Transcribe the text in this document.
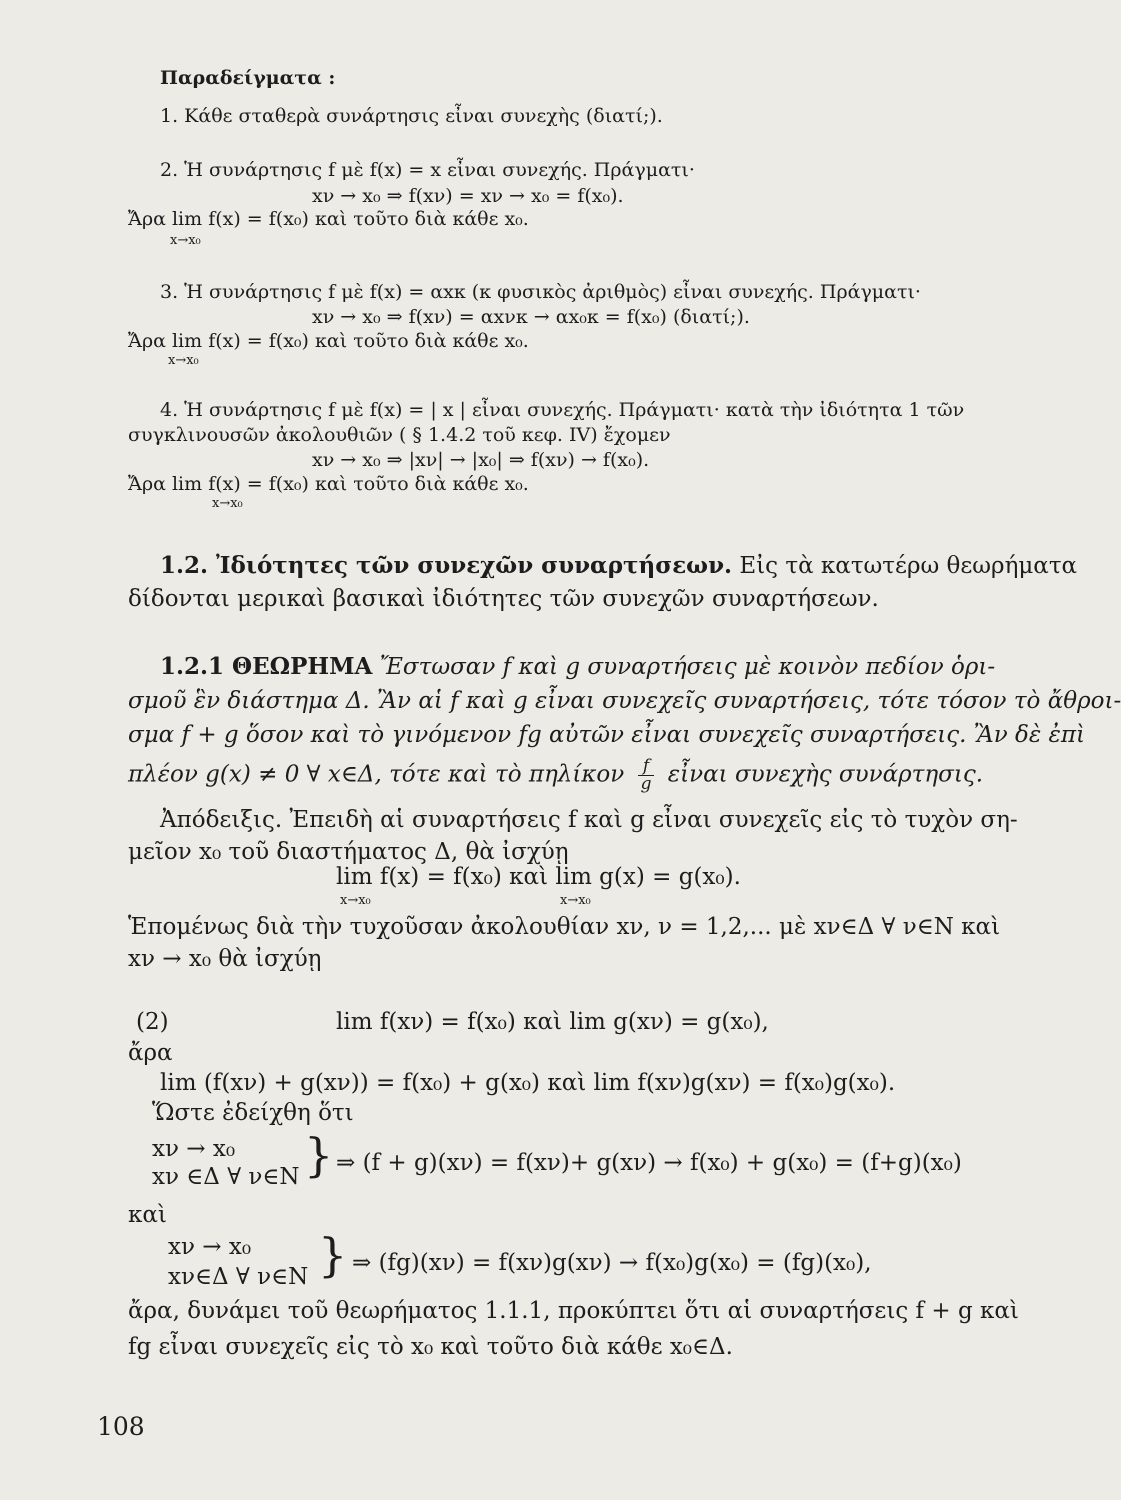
Παραδείγματα :
1. Κάθε σταθερὰ συνάρτησις εἶναι συνεχὴς (διατί;).
2. Ἡ συνάρτησις f μὲ f(x) = x εἶναι συνεχής. Πράγματι·
xν → x₀ ⇒ f(xν) = xν → x₀ = f(x₀).
Ἄρα lim f(x) = f(x₀) καὶ τοῦτο διὰ κάθε x₀.
x→x₀
3. Ἡ συνάρτησις f μὲ f(x) = αxκ (κ φυσικὸς ἀριθμὸς) εἶναι συνεχής. Πράγματι·
xν → x₀ ⇒ f(xν) = αxνκ → αx₀κ = f(x₀) (διατί;).
Ἄρα lim f(x) = f(x₀) καὶ τοῦτο διὰ κάθε x₀.
x→x₀
4. Ἡ συνάρτησις f μὲ f(x) = | x | εἶναι συνεχής. Πράγματι· κατὰ τὴν ἰδιότητα 1 τῶν
συγκλινουσῶν ἀκολουθιῶν ( § 1.4.2 τοῦ κεφ. IV) ἔχομεν
xν → x₀ ⇒ |xν| → |x₀| ⇒ f(xν) → f(x₀).
Ἄρα lim f(x) = f(x₀) καὶ τοῦτο διὰ κάθε x₀.
x→x₀
1.2. Ἰδιότητες τῶν συνεχῶν συναρτήσεων. Εἰς τὰ κατωτέρω θεωρήματα
δίδονται μερικαὶ βασικαὶ ἰδιότητες τῶν συνεχῶν συναρτήσεων.
1.2.1 ΘΕΩΡΗΜΑ Ἔστωσαν f καὶ g συναρτήσεις μὲ κοινὸν πεδίον ὁρι-
σμοῦ ἓν διάστημα Δ. Ἂν αἱ f καὶ g εἶναι συνεχεῖς συναρτήσεις, τότε τόσον τὸ ἄθροι-
σμα f + g ὅσον καὶ τὸ γινόμενον fg αὐτῶν εἶναι συνεχεῖς συναρτήσεις. Ἂν δὲ ἐπὶ
πλέον g(x) ≠ 0 ∀ x∈Δ, τότε καὶ τὸ πηλίκον $\frac{f}{g}$ εἶναι συνεχὴς συνάρτησις.
Ἀπόδειξις. Ἐπειδὴ αἱ συναρτήσεις f καὶ g εἶναι συνεχεῖς εἰς τὸ τυχὸν ση-
μεῖον x₀ τοῦ διαστήματος Δ, θὰ ἰσχύῃ
lim f(x) = f(x₀) καὶ lim g(x) = g(x₀).
x→x₀	x→x₀
Ἑπομένως διὰ τὴν τυχοῦσαν ἀκολουθίαν xν, ν = 1,2,... μὲ xν∈Δ ∀ ν∈N καὶ
xν → x₀ θὰ ἰσχύῃ
(2)	lim f(xν) = f(x₀) καὶ lim g(xν) = g(x₀),
ἄρα
lim (f(xν) + g(xν)) = f(x₀) + g(x₀) καὶ lim f(xν)g(xν) = f(x₀)g(x₀).
Ὥστε ἐδείχθη ὅτι
xν → x₀
xν ∈Δ ∀ ν∈N } ⇒ (f + g)(xν) = f(xν)+ g(xν) → f(x₀) + g(x₀) = (f+g)(x₀)
καὶ
xν → x₀
xν∈Δ ∀ ν∈N } ⇒ (fg)(xν) = f(xν)g(xν) → f(x₀)g(x₀) = (fg)(x₀),
ἄρα, δυνάμει τοῦ θεωρήματος 1.1.1, προκύπτει ὅτι αἱ συναρτήσεις f + g καὶ
fg εἶναι συνεχεῖς εἰς τὸ x₀ καὶ τοῦτο διὰ κάθε x₀∈Δ.
108
